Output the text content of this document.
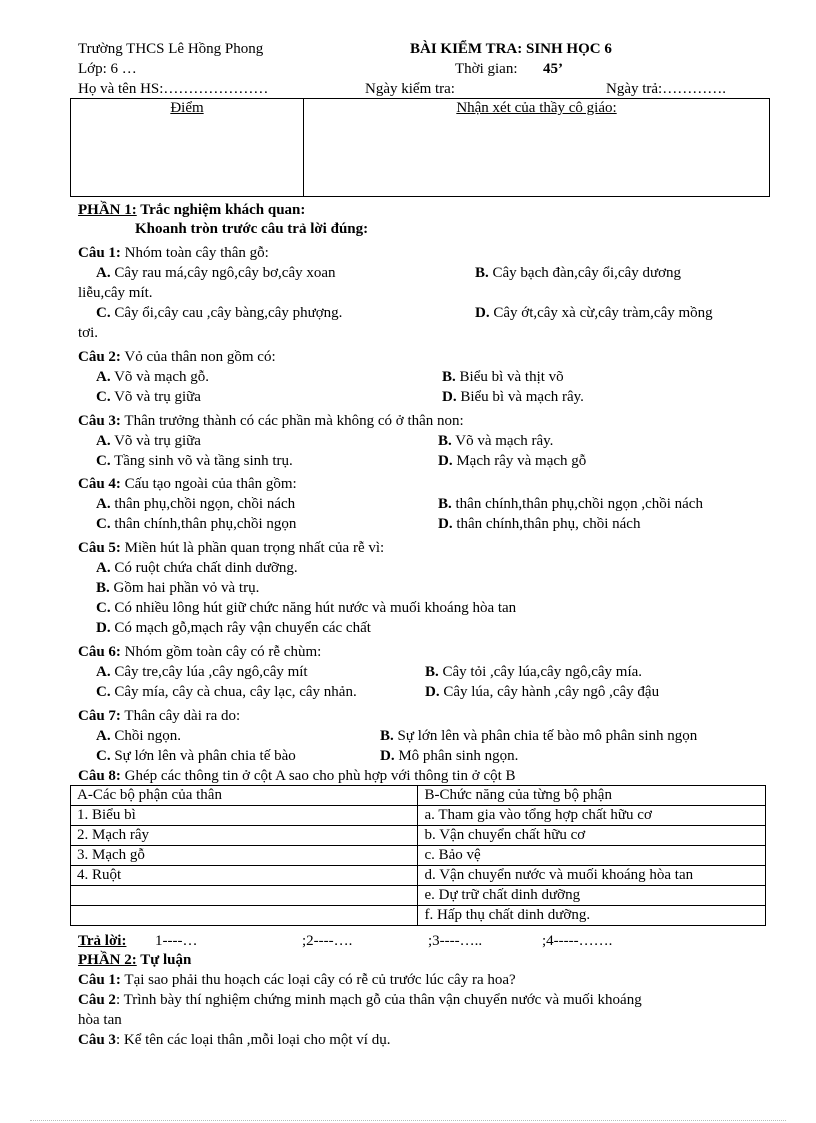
Trường THCS Lê Hồng Phong	BÀI KIỂM TRA: SINH HỌC 6
Lớp: 6 …	Thời gian: 45’
Họ và tên HS:…………………	Ngày kiểm tra:	Ngày trả:………….
Điểm	Nhận xét của thầy cô giáo:
PHẦN 1: Trắc nghiệm khách quan:
Khoanh tròn trước câu trả lời đúng:
Câu 1: Nhóm toàn cây thân gỗ:
A. Cây rau má,cây ngô,cây bơ,cây xoan	B. Cây bạch đàn,cây ổi,cây dương
liễu,cây mít.
C. Cây ổi,cây cau ,cây bàng,cây phượng.	D. Cây ớt,cây xà cừ,cây tràm,cây mồng
tơi.
Câu 2: Vỏ của thân non gồm có:
A. Võ và mạch gỗ.	B. Biểu bì và thịt võ
C. Võ và trụ giữa	D. Biểu bì và mạch rây.
Câu 3: Thân trưởng thành có các phần mà không có ở thân non:
A. Võ và trụ giữa	B. Võ và mạch rây.
C. Tầng sinh võ và tầng sinh trụ.	D. Mạch rây và mạch gỗ
Câu 4: Cấu tạo ngoài của thân gồm:
A. thân phụ,chồi ngọn, chồi nách	B. thân chính,thân phụ,chồi ngọn ,chồi nách
C. thân chính,thân phụ,chồi ngọn	D. thân chính,thân phụ, chồi nách
Câu 5: Miền hút là phần quan trọng nhất của rễ vì:
A. Có ruột chứa chất dinh dưỡng.
B. Gồm hai phần vỏ và trụ.
C. Có nhiều lông hút giữ chức năng hút nước và muối khoáng hòa tan
D. Có mạch gỗ,mạch rây vận chuyển các chất
Câu 6: Nhóm gồm toàn cây có rễ chùm:
A. Cây tre,cây lúa ,cây ngô,cây mít	B. Cây tỏi ,cây lúa,cây ngô,cây mía.
C. Cây mía, cây cà chua, cây lạc, cây nhản.	D. Cây lúa, cây hành ,cây ngô ,cây đậu
Câu 7: Thân cây dài ra do:
A. Chồi ngọn.	B. Sự lớn lên và phân chia tế bào mô phân sinh ngọn
C. Sự lớn lên và phân chia tế bào	D. Mô phân sinh ngọn.
Câu 8: Ghép các thông tin ở cột A sao cho phù hợp với thông tin ở cột B
A-Các bộ phận của thân	B-Chức năng của từng bộ phận
1. Biểu bì	a. Tham gia vào tổng hợp chất hữu cơ
2. Mạch rây	b. Vận chuyển chất hữu cơ
3. Mạch gỗ	c. Bảo vệ
4. Ruột	d. Vận chuyển nước và muối khoáng hòa tan
	e. Dự trữ chất dinh dưỡng
	f. Hấp thụ chất dinh dưỡng.
Trả lời: 1----…	;2----….	;3----…..	;4-----…….
PHẦN 2: Tự luận
Câu 1: Tại sao phải thu hoạch các loại cây có rễ củ trước lúc cây ra hoa?
Câu 2: Trình bày thí nghiệm chứng minh mạch gỗ của thân vận chuyển nước và muối khoáng
hòa tan
Câu 3: Kể tên các loại thân ,mỗi loại cho một ví dụ.
